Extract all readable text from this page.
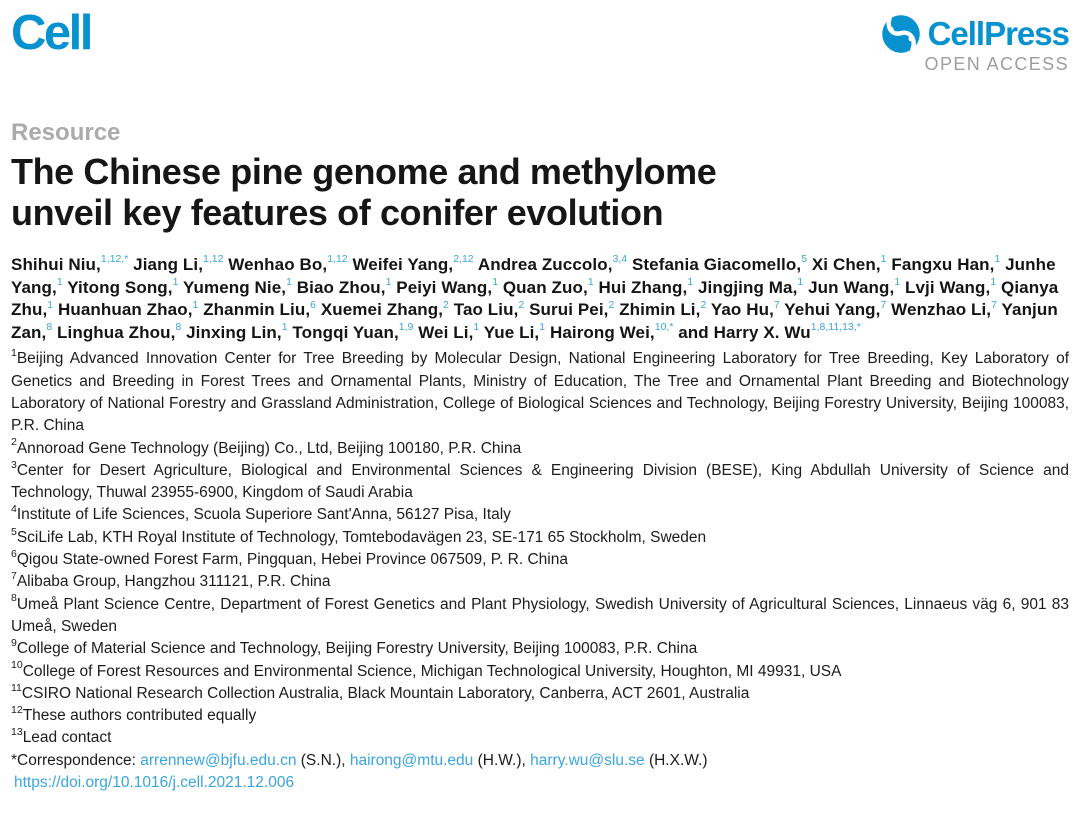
Cell	CellPress
OPEN ACCESS
Resource
The Chinese pine genome and methylome
unveil key features of conifer evolution

Shihui Niu,$^{1,12,*}$ Jiang Li,$^{1,12}$ Wenhao Bo,$^{1,12}$ Weifei Yang,$^{2,12}$ Andrea Zuccolo,$^{3,4}$ Stefania Giacomello,$^5$ Xi Chen,$^1$ Fangxu Han,$^1$ Junhe Yang,$^1$ Yitong Song,$^1$ Yumeng Nie,$^1$ Biao Zhou,$^1$ Peiyi Wang,$^1$ Quan Zuo,$^1$ Hui Zhang,$^1$ Jingjing Ma,$^1$ Jun Wang,$^1$ Lvji Wang,$^1$ Qianya Zhu,$^1$ Huanhuan Zhao,$^1$ Zhanmin Liu,$^6$ Xuemei Zhang,$^2$ Tao Liu,$^2$ Surui Pei,$^2$ Zhimin Li,$^2$ Yao Hu,$^7$ Yehui Yang,$^7$ Wenzhao Li,$^7$ Yanjun Zan,$^8$ Linghua Zhou,$^8$ Jinxing Lin,$^1$ Tongqi Yuan,$^{1,9}$ Wei Li,$^1$ Yue Li,$^1$ Hairong Wei,$^{10,*}$ and Harry X. $Wu^{1,8,11,13,*}$

$^1$Beijing Advanced Innovation Center for Tree Breeding by Molecular Design, National Engineering Laboratory for Tree Breeding, Key Laboratory of Genetics and Breeding in Forest Trees and Ornamental Plants, Ministry of Education, The Tree and Ornamental Plant Breeding and Biotechnology Laboratory of National Forestry and Grassland Administration, College of Biological Sciences and Technology, Beijing Forestry University, Beijing 100083, P.R. China
$^2$Annoroad Gene Technology (Beijing) Co., Ltd, Beijing 100180, P.R. China
$^3$Center for Desert Agriculture, Biological and Environmental Sciences & Engineering Division (BESE), King Abdullah University of Science and Technology, Thuwal 23955-6900, Kingdom of Saudi Arabia
$^4$Institute of Life Sciences, Scuola Superiore Sant'Anna, 56127 Pisa, Italy
$^5$SciLife Lab, KTH Royal Institute of Technology, Tomtebodavägen 23, SE-171 65 Stockholm, Sweden
$^6$Qigou State-owned Forest Farm, Pingquan, Hebei Province 067509, P. R. China
$^7$Alibaba Group, Hangzhou 311121, P.R. China
$^8$Umeå Plant Science Centre, Department of Forest Genetics and Plant Physiology, Swedish University of Agricultural Sciences, Linnaeus väg 6, 901 83 Umeå, Sweden
$^9$College of Material Science and Technology, Beijing Forestry University, Beijing 100083, P.R. China
$^{10}$College of Forest Resources and Environmental Science, Michigan Technological University, Houghton, MI 49931, USA
$^{11}$CSIRO National Research Collection Australia, Black Mountain Laboratory, Canberra, ACT 2601, Australia
$^{12}$These authors contributed equally
$^{13}$Lead contact

*Correspondence: arrennew@bjfu.edu.cn (S.N.), hairong@mtu.edu (H.W.), harry.wu@slu.se (H.X.W.)

https://doi.org/10.1016/j.cell.2021.12.006
